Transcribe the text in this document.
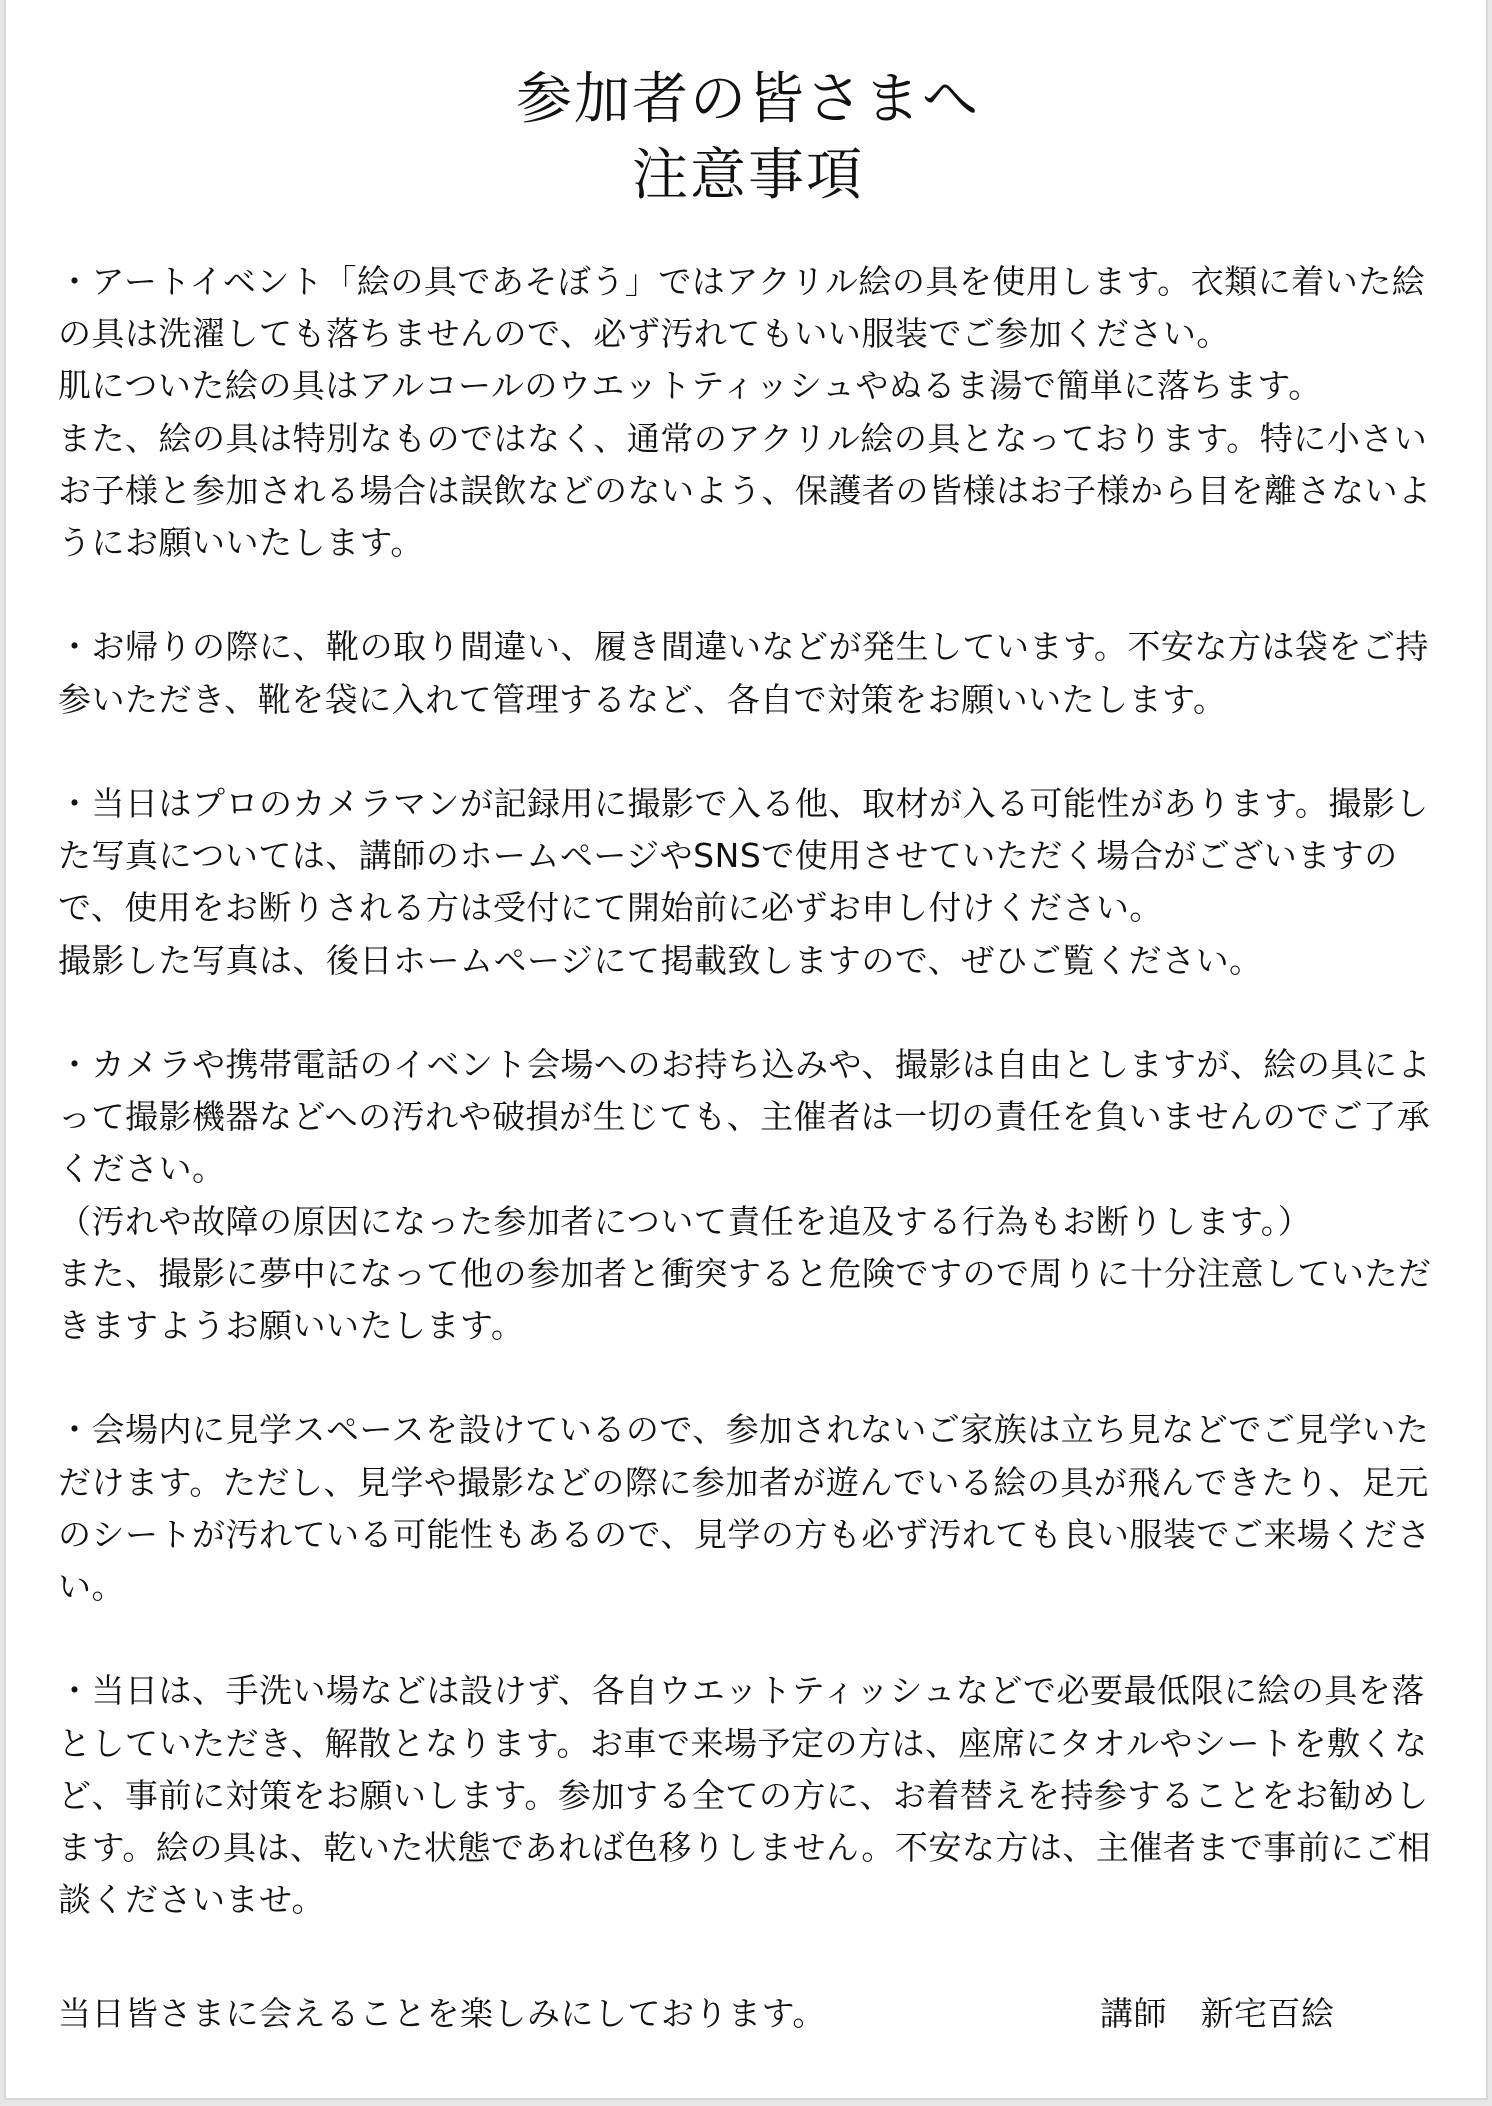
参加者の皆さまへ
注意事項

・アートイベント「絵の具であそぼう」ではアクリル絵の具を使用します。衣類に着いた絵の具は洗濯しても落ちませんので、必ず汚れてもいい服装でご参加ください。

肌についた絵の具はアルコールのウエットティッシュやぬるま湯で簡単に落ちます。

また、絵の具は特別なものではなく、通常のアクリル絵の具となっております。特に小さいお子様と参加される場合は誤飲などのないよう、保護者の皆様はお子様から目を離さないようにお願いいたします。

・お帰りの際に、靴の取り間違い、履き間違いなどが発生しています。不安な方は袋をご持参いただき、靴を袋に入れて管理するなど、各自で対策をお願いいたします。

・当日はプロのカメラマンが記録用に撮影で入る他、取材が入る可能性があります。撮影した写真については、講師のホームページやSNSで使用させていただく場合がございますので、使用をお断りされる方は受付にて開始前に必ずお申し付けください。

撮影した写真は、後日ホームページにて掲載致しますので、ぜひご覧ください。

・カメラや携帯電話のイベント会場へのお持ち込みや、撮影は自由としますが、絵の具によって撮影機器などへの汚れや破損が生じても、主催者は一切の責任を負いませんのでご了承ください。

（汚れや故障の原因になった参加者について責任を追及する行為もお断りします。）

また、撮影に夢中になって他の参加者と衝突すると危険ですので周りに十分注意していただきますようお願いいたします。

・会場内に見学スペースを設けているので、参加されないご家族は立ち見などでご見学いただけます。ただし、見学や撮影などの際に参加者が遊んでいる絵の具が飛んできたり、足元のシートが汚れている可能性もあるので、見学の方も必ず汚れても良い服装でご来場ください。

・当日は、手洗い場などは設けず、各自ウエットティッシュなどで必要最低限に絵の具を落としていただき、解散となります。お車で来場予定の方は、座席にタオルやシートを敷くなど、事前に対策をお願いします。参加する全ての方に、お着替えを持参することをお勧めします。絵の具は、乾いた状態であれば色移りしません。不安な方は、主催者まで事前にご相談くださいませ。

当日皆さまに会えることを楽しみにしております。	講師　新宅百絵
